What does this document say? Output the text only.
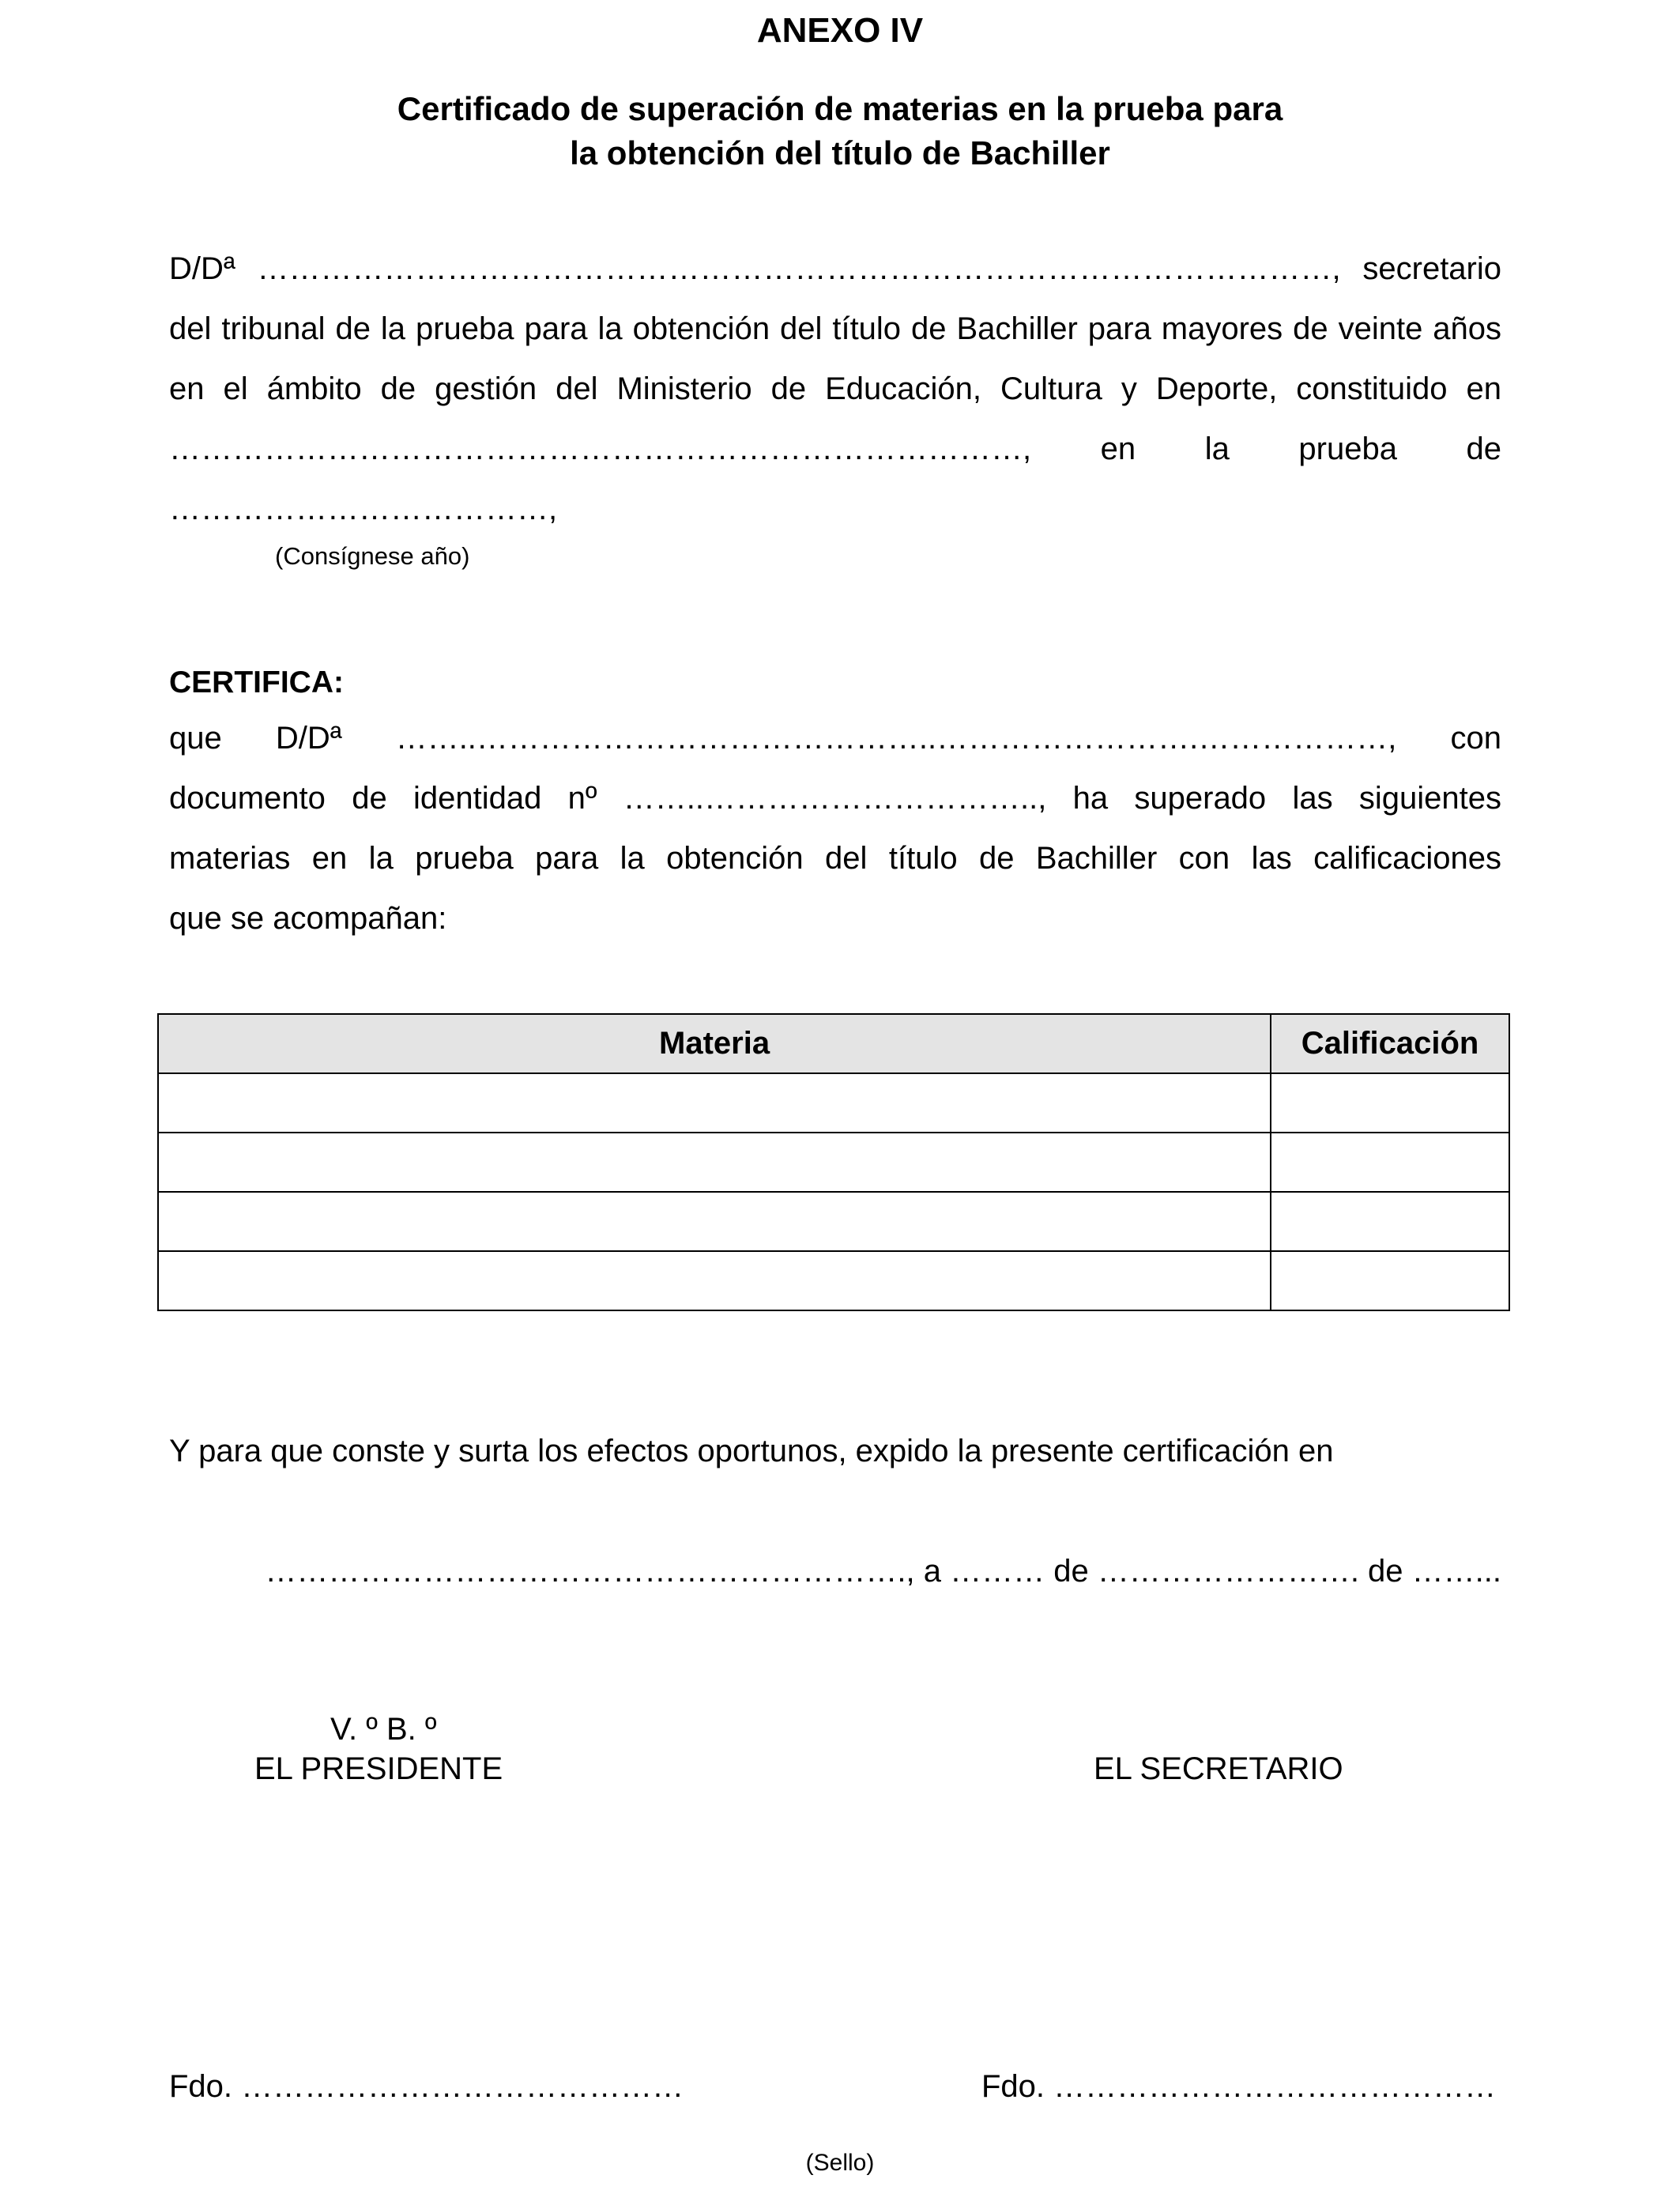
ANEXO IV
Certificado de superación de materias en la prueba para
la obtención del título de Bachiller
D/Dª …………………………………………………………………………………………, secretario del tribunal de la prueba para la obtención del título de Bachiller para mayores de veinte años en el ámbito de gestión del Ministerio de Educación, Cultura y Deporte, constituido en ………………………………………………………………………, en la prueba de ………………………………,
(Consígnese año)
CERTIFICA:
que D/Dª ……..……………………………………..…………………….………………, con
documento de identidad nº ……..………………………….., ha superado las siguientes
materias en la prueba para la obtención del título de Bachiller con las calificaciones
que se acompañan:
Materia	Calificación

Y para que conste y surta los efectos oportunos, expido la presente certificación en
……………………………………………………., a ……… de ……………………. de ……...
V. º B. º
EL PRESIDENTE	EL SECRETARIO
Fdo. ……………………………………	Fdo. ……………………………………
(Sello)
